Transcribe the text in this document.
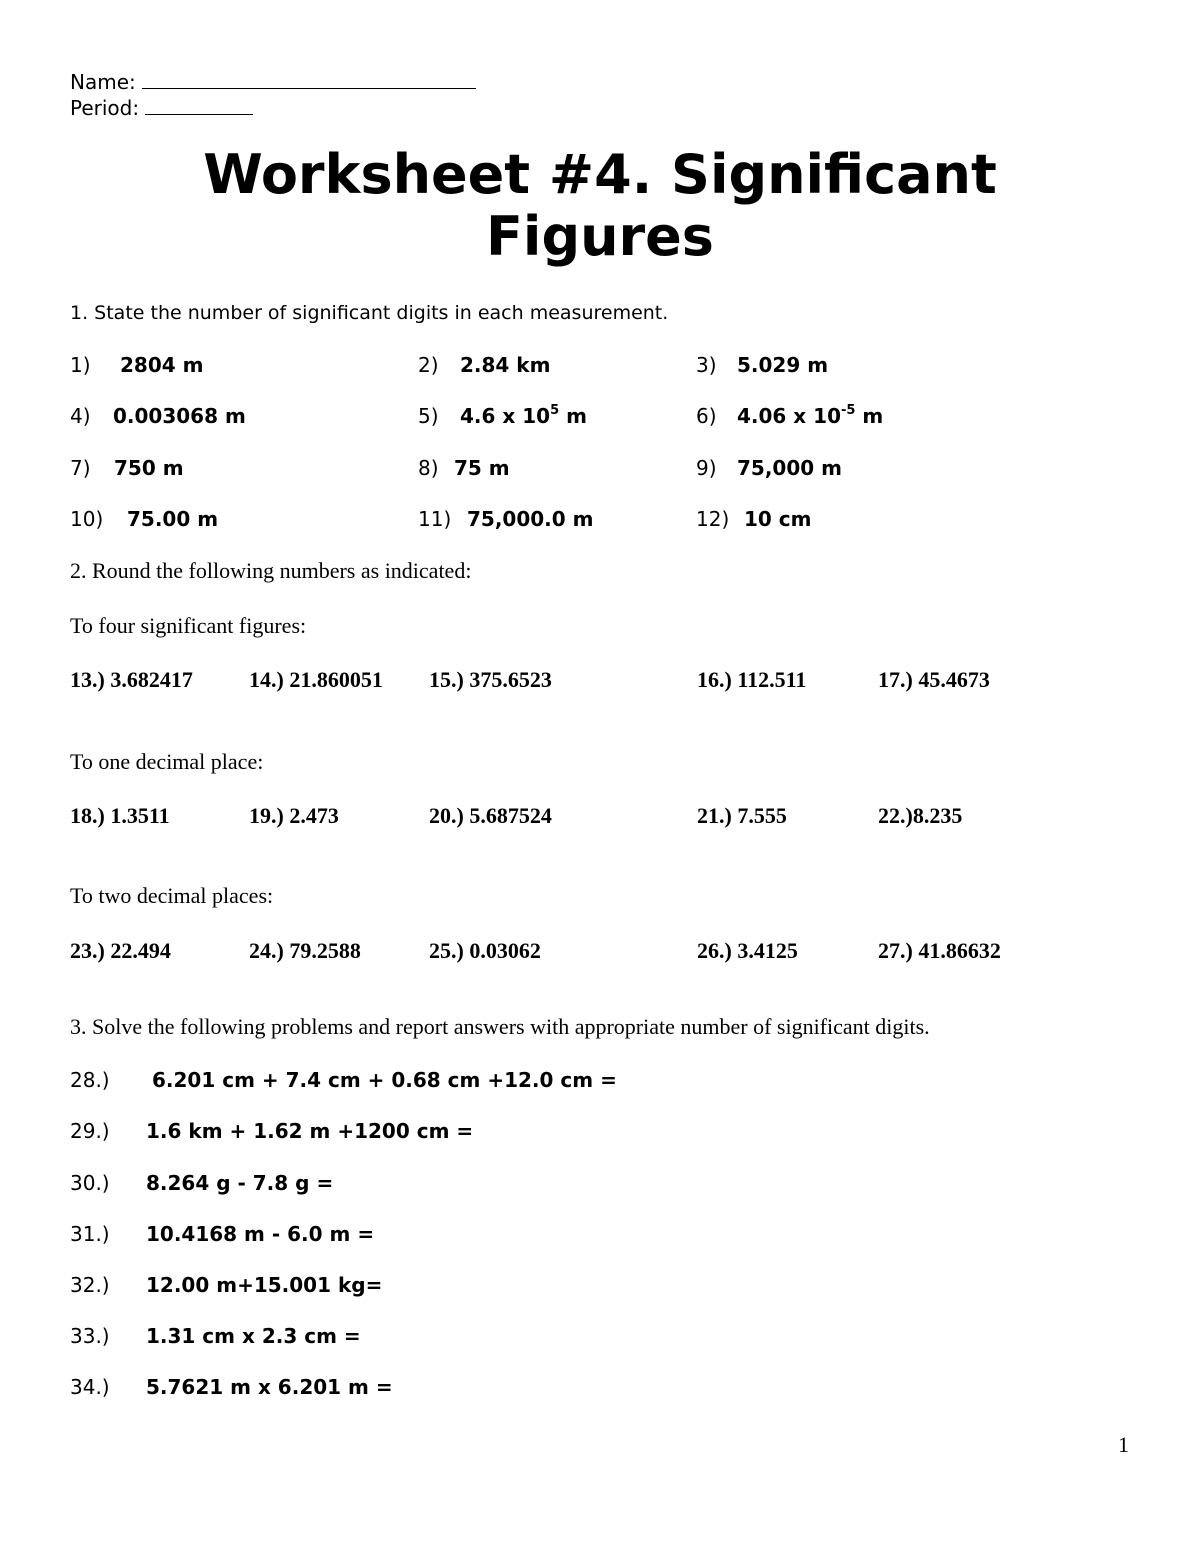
Name:
Period:
Worksheet #4. Significant
Figures
1. State the number of significant digits in each measurement.
1) 2804 m	2) 2.84 km	3) 5.029 m
4) 0.003068 m	5) 4.6 x $10^5$ m	6) 4.06 x $10^{-5}$ m
7) 750 m	8) 75 m	9) 75,000 m
10) 75.00 m	11) 75,000.0 m	12) 10 cm
2. Round the following numbers as indicated:
To four significant figures:
13.) 3.682417	14.) 21.860051 15.) 375.6523	16.) 112.511	17.) 45.4673
To one decimal place:
18.) 1.3511	19.) 2.473	20.) 5.687524	21.) 7.555	22.)8.235
To two decimal places:
23.) 22.494	24.) 79.2588	25.) 0.03062	26.) 3.4125	27.) 41.86632
3. Solve the following problems and report answers with appropriate number of significant digits.
28.) 6.201 cm + 7.4 cm + 0.68 cm +12.0 cm =
29.) 1.6 km + 1.62 m +1200 cm =
30.) 8.264 g - 7.8 g =
31.) 10.4168 m - 6.0 m =
32.) 12.00 m+15.001 kg=
33.) 1.31 cm x 2.3 cm =
34.) 5.7621 m x 6.201 m =
1
